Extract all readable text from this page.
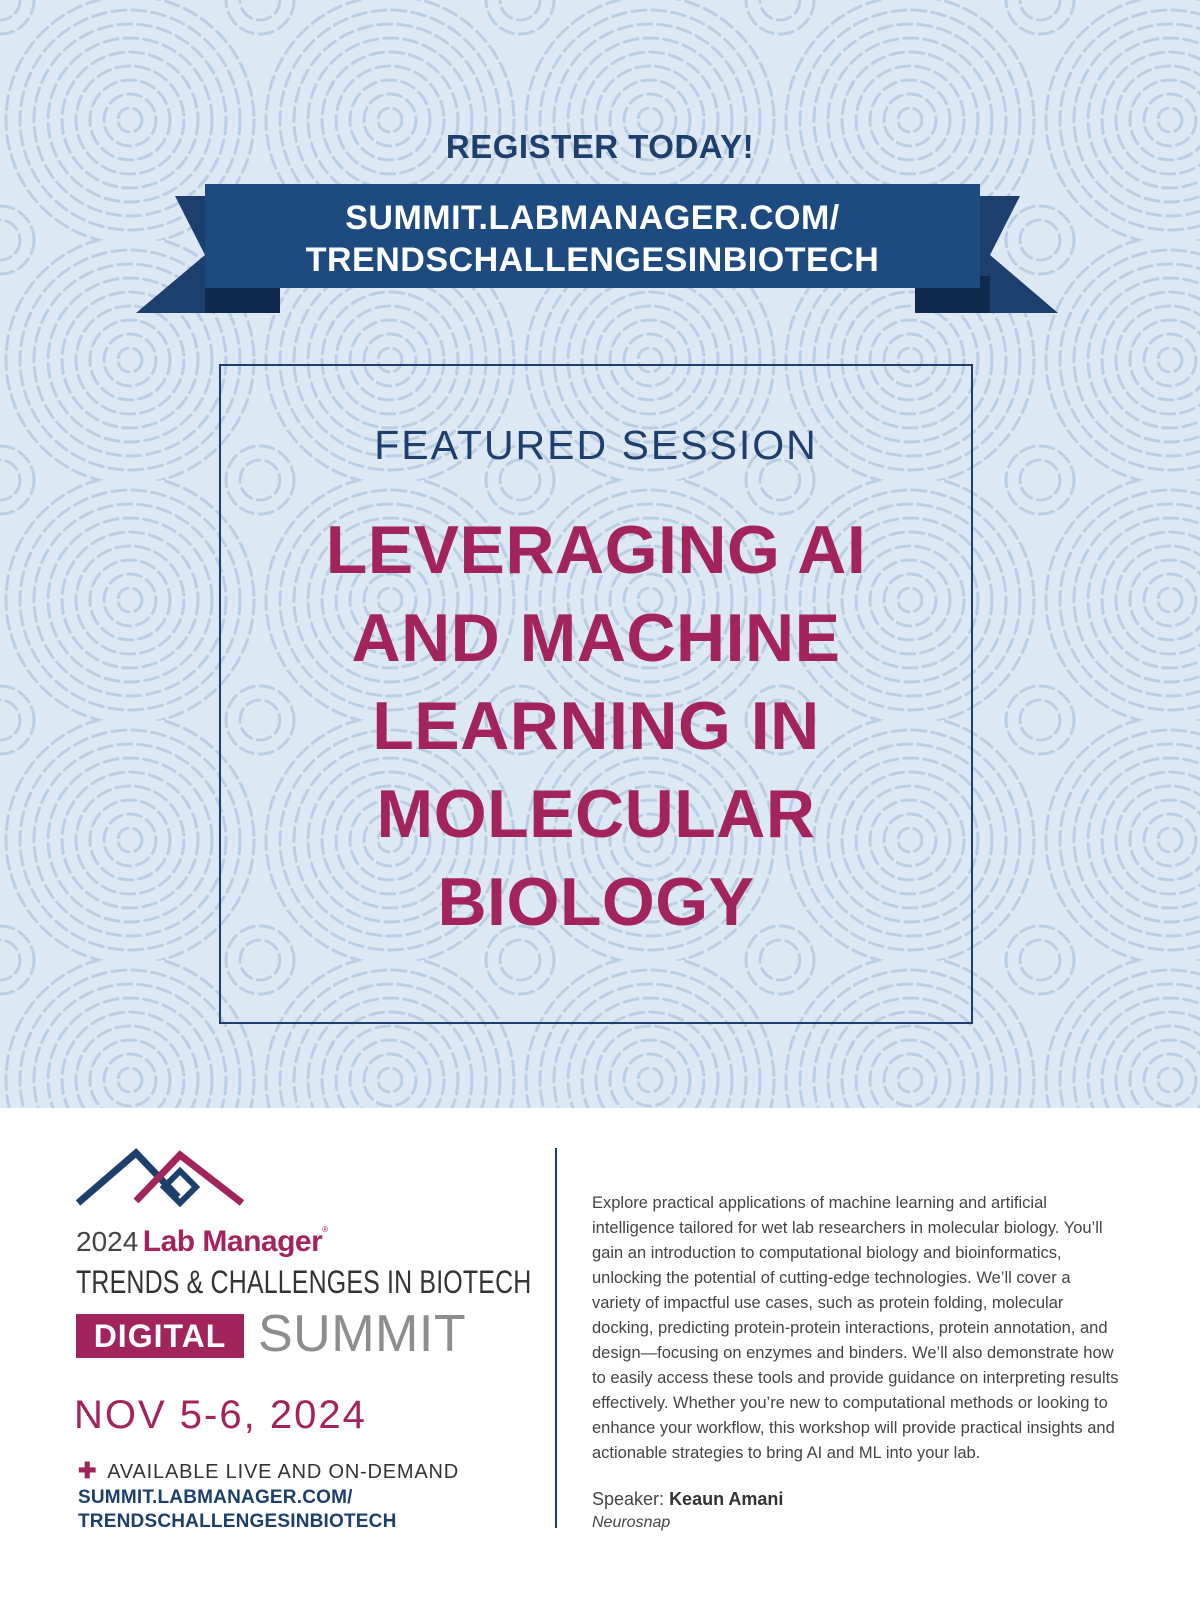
REGISTER TODAY!
SUMMIT.LABMANAGER.COM/
TRENDSCHALLENGESINBIOTECH
FEATURED SESSION
LEVERAGING AI
AND MACHINE
LEARNING IN
MOLECULAR
BIOLOGY
2024 Lab Manager®
TRENDS & CHALLENGES IN BIOTECH
DIGITAL SUMMIT
NOV 5-6, 2024
✚ AVAILABLE LIVE AND ON-DEMAND
SUMMIT.LABMANAGER.COM/
TRENDSCHALLENGESINBIOTECH
Explore practical applications of machine learning and artificial
intelligence tailored for wet lab researchers in molecular biology. You’ll
gain an introduction to computational biology and bioinformatics,
unlocking the potential of cutting-edge technologies. We’ll cover a
variety of impactful use cases, such as protein folding, molecular
docking, predicting protein-protein interactions, protein annotation, and
design—focusing on enzymes and binders. We’ll also demonstrate how
to easily access these tools and provide guidance on interpreting results
effectively. Whether you’re new to computational methods or looking to
enhance your workflow, this workshop will provide practical insights and
actionable strategies to bring AI and ML into your lab.
Speaker: Keaun Amani
Neurosnap
